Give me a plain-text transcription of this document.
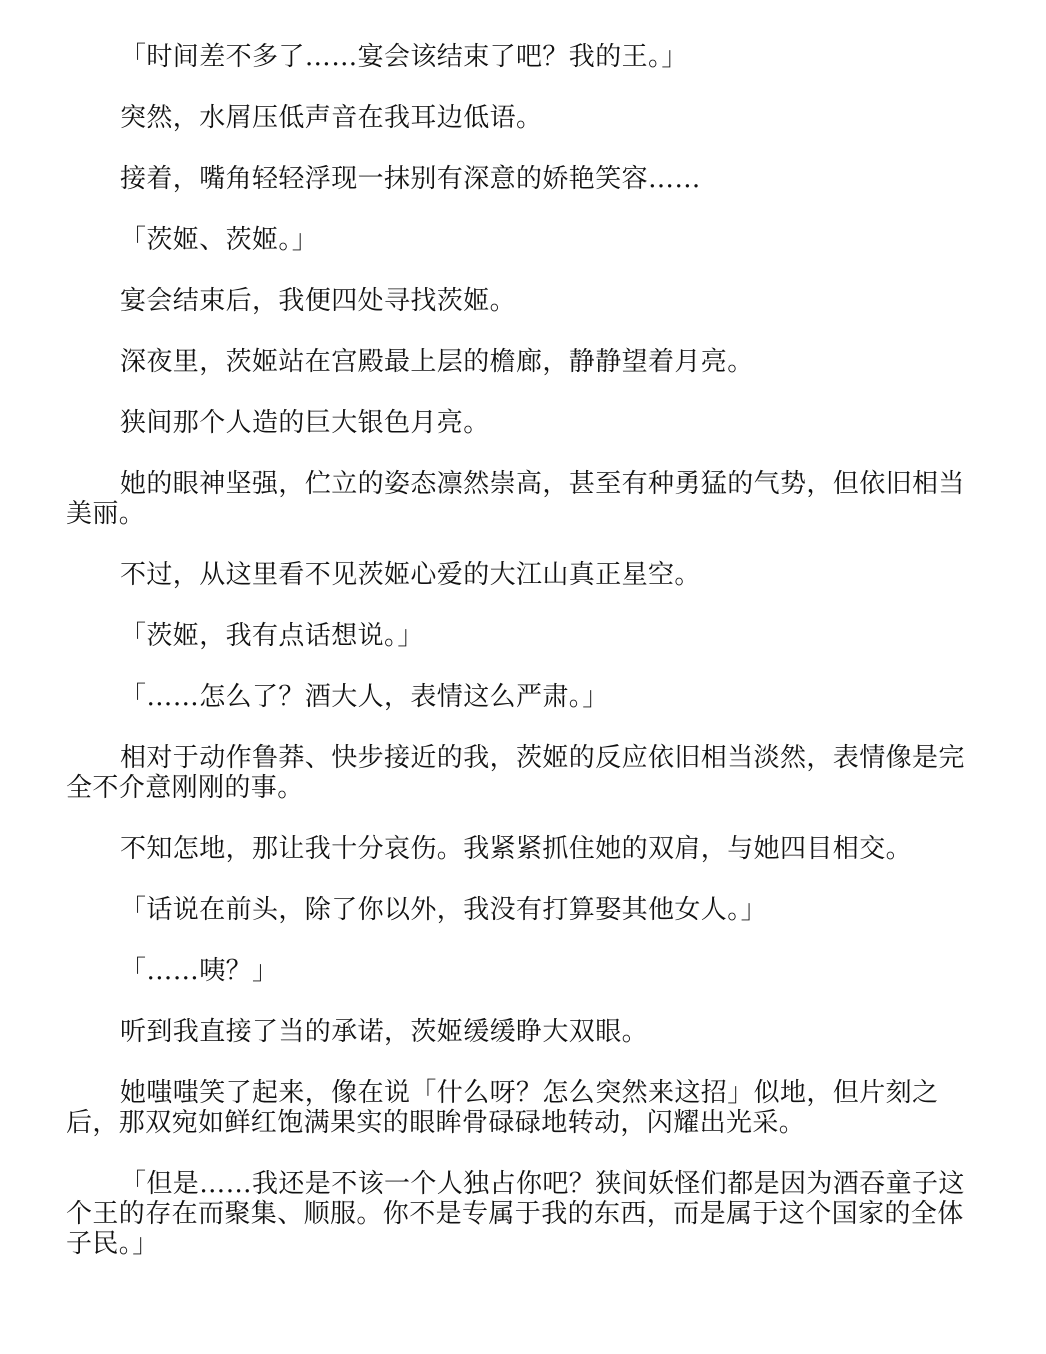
「时间差不多了……宴会该结束了吧？我的王。」

突然，水屑压低声音在我耳边低语。

接着，嘴角轻轻浮现一抹别有深意的娇艳笑容……

「茨姬、茨姬。」

宴会结束后，我便四处寻找茨姬。

深夜里，茨姬站在宫殿最上层的檐廊，静静望着月亮。

狭间那个人造的巨大银色月亮。

她的眼神坚强，伫立的姿态凛然崇高，甚至有种勇猛的气势，但依旧相当美丽。

不过，从这里看不见茨姬心爱的大江山真正星空。

「茨姬，我有点话想说。」

「……怎么了？酒大人，表情这么严肃。」

相对于动作鲁莽、快步接近的我，茨姬的反应依旧相当淡然，表情像是完全不介意刚刚的事。

不知怎地，那让我十分哀伤。我紧紧抓住她的双肩，与她四目相交。

「话说在前头，除了你以外，我没有打算娶其他女人。」

「……咦？」

听到我直接了当的承诺，茨姬缓缓睁大双眼。

她嗤嗤笑了起来，像在说「什么呀？怎么突然来这招」似地，但片刻之后，那双宛如鲜红饱满果实的眼眸骨碌碌地转动，闪耀出光采。

「但是……我还是不该一个人独占你吧？狭间妖怪们都是因为酒吞童子这个王的存在而聚集、顺服。你不是专属于我的东西，而是属于这个国家的全体子民。」
